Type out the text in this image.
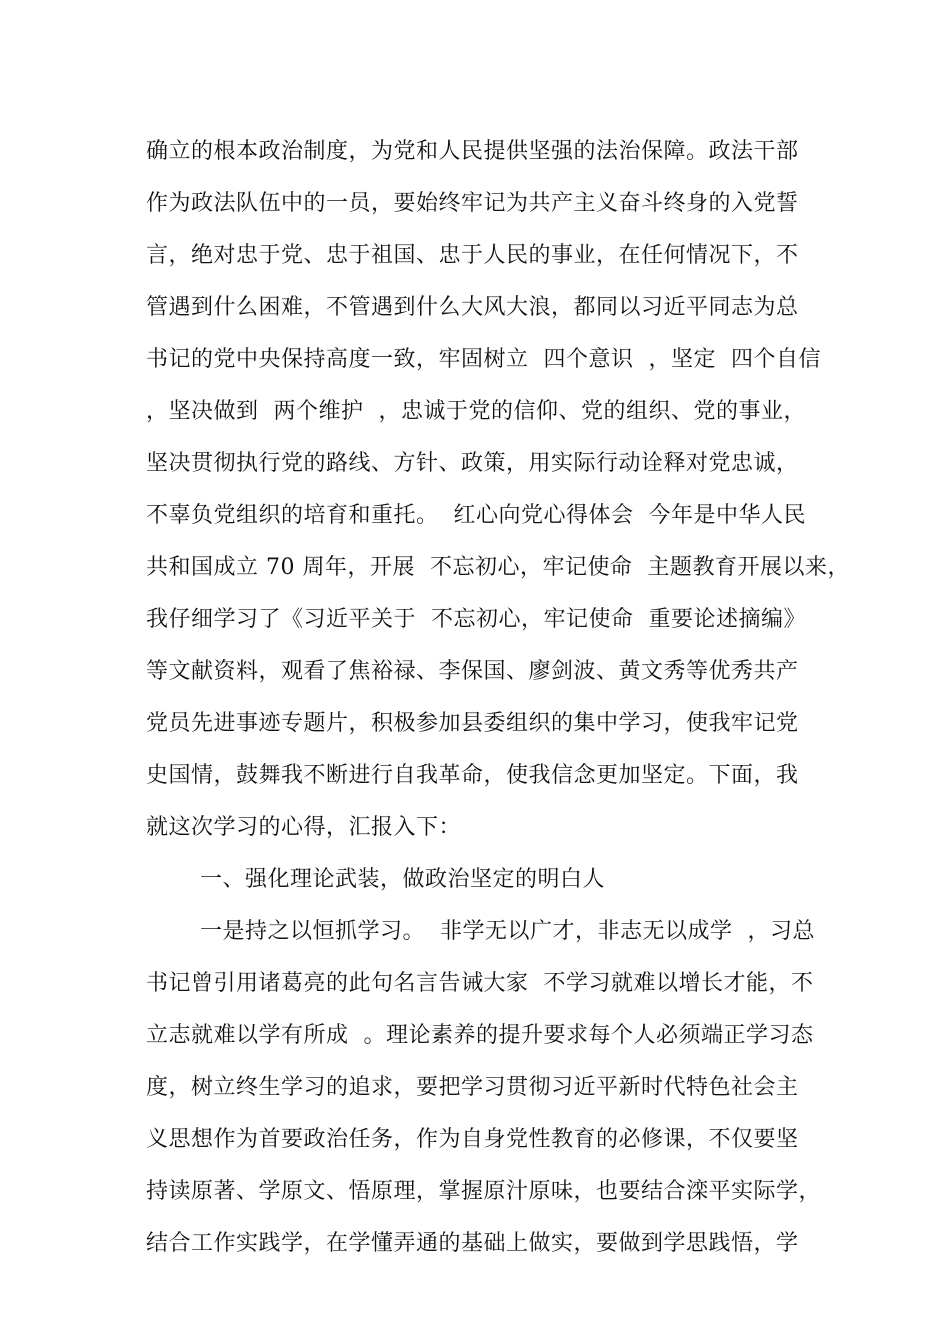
确立的根本政治制度，为党和人民提供坚强的法治保障。政法干部
作为政法队伍中的一员，要始终牢记为共产主义奋斗终身的入党誓
言，绝对忠于党、忠于祖国、忠于人民的事业，在任何情况下，不
管遇到什么困难，不管遇到什么大风大浪，都同以习近平同志为总
书记的党中央保持高度一致，牢固树立  四个意识  ，坚定  四个自信
，坚决做到  两个维护  ，忠诚于党的信仰、党的组织、党的事业，
坚决贯彻执行党的路线、方针、政策，用实际行动诠释对党忠诚，
不辜负党组织的培育和重托。  红心向党心得体会  今年是中华人民
共和国成立 70 周年，开展  不忘初心，牢记使命  主题教育开展以来，
我仔细学习了《习近平关于  不忘初心，牢记使命  重要论述摘编》
等文献资料，观看了焦裕禄、李保国、廖剑波、黄文秀等优秀共产
党员先进事迹专题片，积极参加县委组织的集中学习，使我牢记党
史国情，鼓舞我不断进行自我革命，使我信念更加坚定。下面，我
就这次学习的心得，汇报入下：
一、强化理论武装，做政治坚定的明白人
一是持之以恒抓学习。  非学无以广才，非志无以成学  ，习总
书记曾引用诸葛亮的此句名言告诫大家  不学习就难以增长才能，不
立志就难以学有所成  。理论素养的提升要求每个人必须端正学习态
度，树立终生学习的追求，要把学习贯彻习近平新时代特色社会主
义思想作为首要政治任务，作为自身党性教育的必修课，不仅要坚
持读原著、学原文、悟原理，掌握原汁原味，也要结合滦平实际学，
结合工作实践学，在学懂弄通的基础上做实，要做到学思践悟，学
